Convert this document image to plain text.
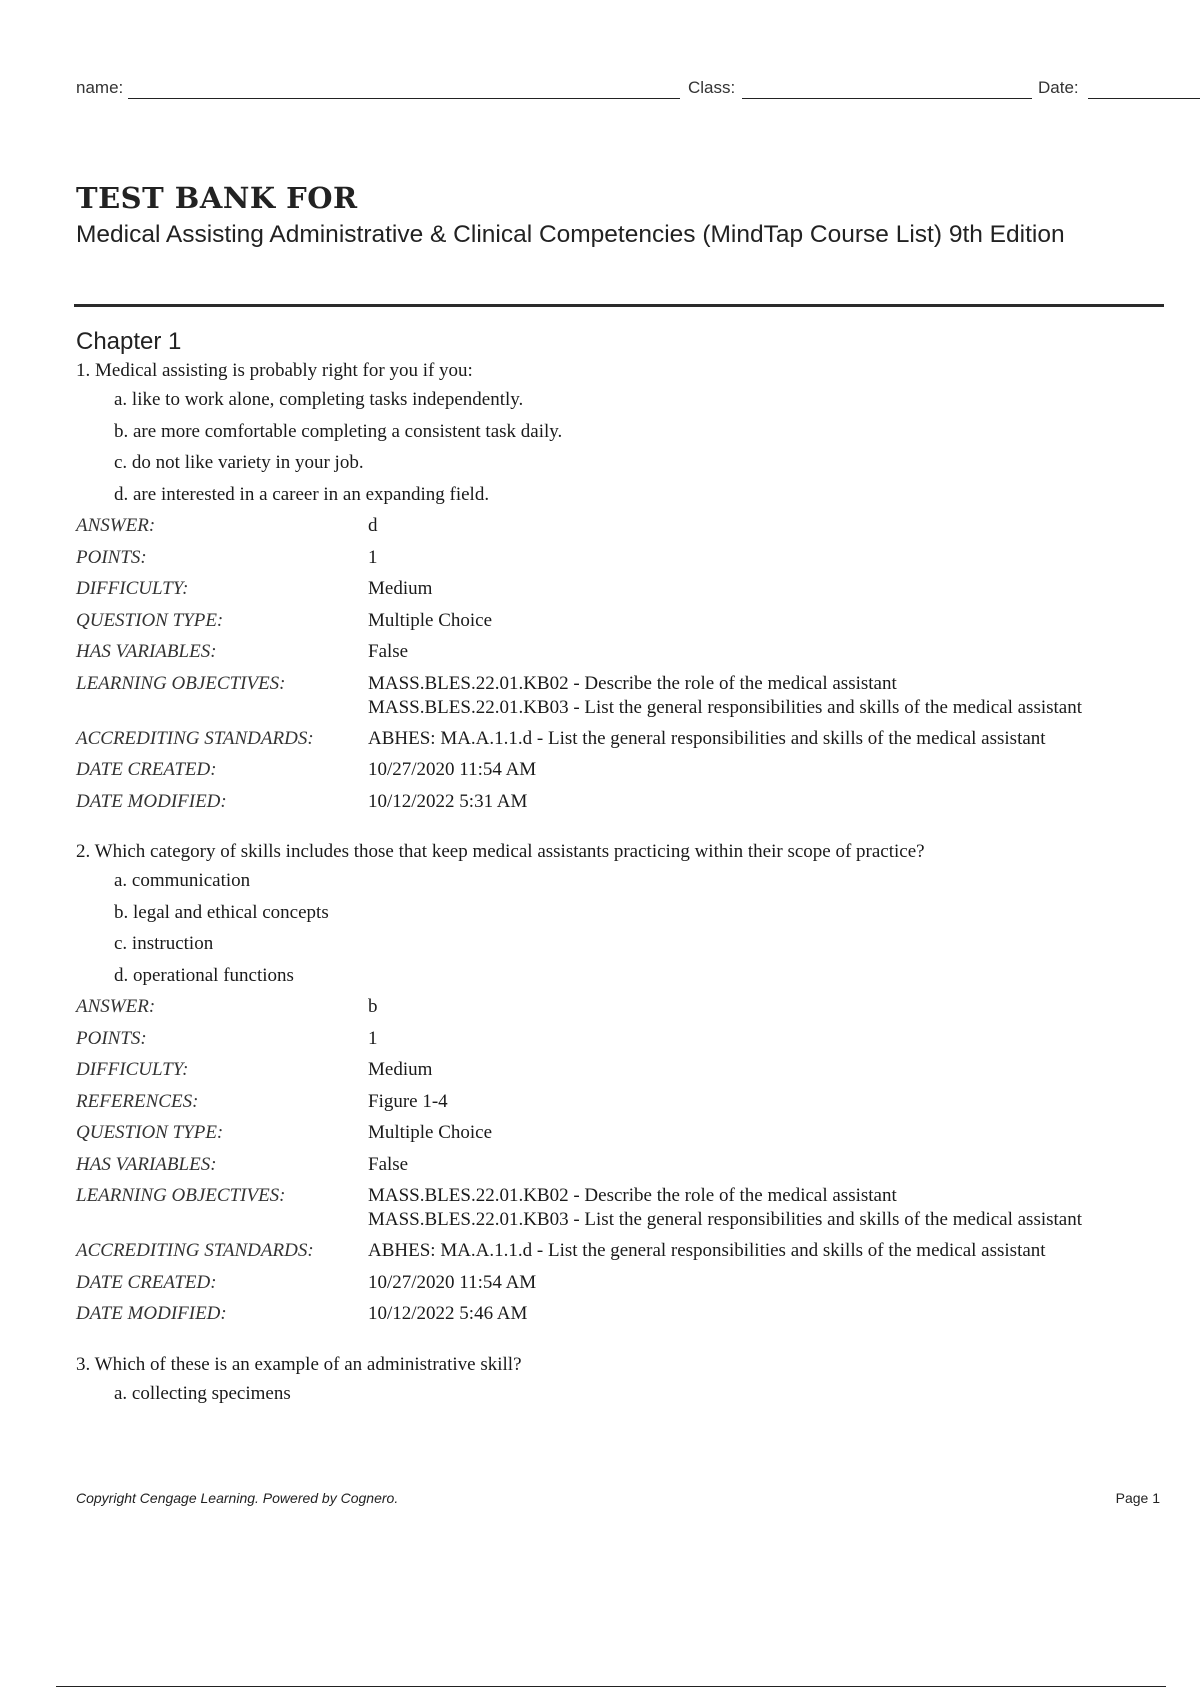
name:	Class:	Date:
TEST BANK FOR
Medical Assisting Administrative & Clinical Competencies (MindTap Course List) 9th Edition
Chapter 1

1. Medical assisting is probably right for you if you:

a. like to work alone, completing tasks independently.
b. are more comfortable completing a consistent task daily.
c. do not like variety in your job.
d. are interested in a career in an expanding field.
ANSWER:	d
POINTS:	1
DIFFICULTY:	Medium
QUESTION TYPE:	Multiple Choice
HAS VARIABLES:	False
LEARNING OBJECTIVES:	MASS.BLES.22.01.KB02 - Describe the role of the medical assistant
MASS.BLES.22.01.KB03 - List the general responsibilities and skills of the medical assistant
ACCREDITING STANDARDS:	ABHES: MA.A.1.1.d - List the general responsibilities and skills of the medical assistant
DATE CREATED:	10/27/2020 11:54 AM
DATE MODIFIED:	10/12/2022 5:31 AM

2. Which category of skills includes those that keep medical assistants practicing within their scope of practice?

a. communication
b. legal and ethical concepts
c. instruction
d. operational functions
ANSWER:	b
POINTS:	1
DIFFICULTY:	Medium
REFERENCES:	Figure 1-4
QUESTION TYPE:	Multiple Choice
HAS VARIABLES:	False
LEARNING OBJECTIVES:	MASS.BLES.22.01.KB02 - Describe the role of the medical assistant
MASS.BLES.22.01.KB03 - List the general responsibilities and skills of the medical assistant
ACCREDITING STANDARDS:	ABHES: MA.A.1.1.d - List the general responsibilities and skills of the medical assistant
DATE CREATED:	10/27/2020 11:54 AM
DATE MODIFIED:	10/12/2022 5:46 AM

3. Which of these is an example of an administrative skill?

a. collecting specimens
Copyright Cengage Learning. Powered by Cognero.	Page 1
